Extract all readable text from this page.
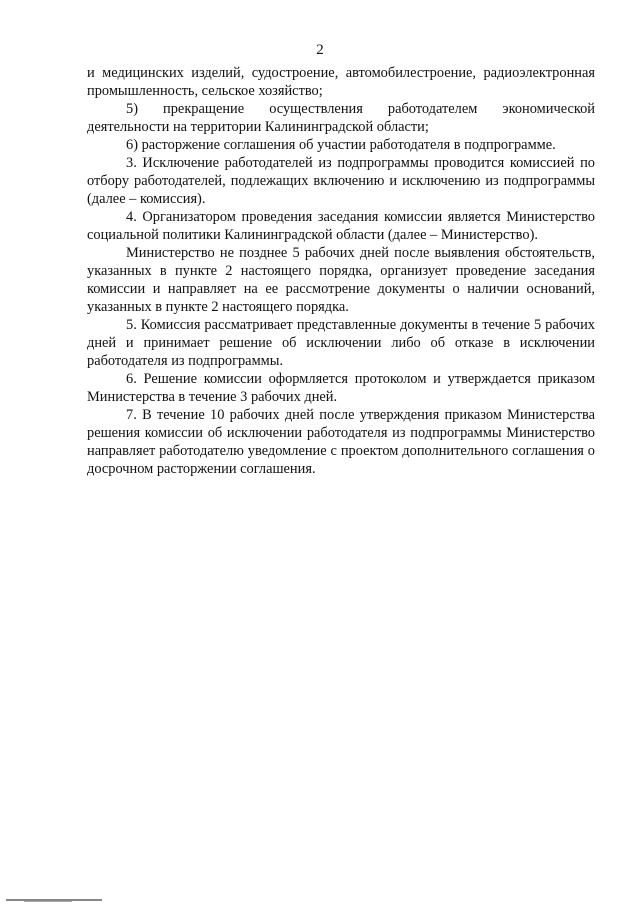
2

и медицинских изделий, судостроение, автомобилестроение, радиоэлектронная промышленность, сельское хозяйство;

5) прекращение осуществления работодателем экономической деятельности на территории Калининградской области;

6) расторжение соглашения об участии работодателя в подпрограмме.

3. Исключение работодателей из подпрограммы проводится комиссией по отбору работодателей, подлежащих включению и исключению из подпрограммы (далее – комиссия).

4. Организатором проведения заседания комиссии является Министерство социальной политики Калининградской области (далее – Министерство).

Министерство не позднее 5 рабочих дней после выявления обстоятельств, указанных в пункте 2 настоящего порядка, организует проведение заседания комиссии и направляет на ее рассмотрение документы о наличии оснований, указанных в пункте 2 настоящего порядка.

5. Комиссия рассматривает представленные документы в течение 5 рабочих дней и принимает решение об исключении либо об отказе в исключении работодателя из подпрограммы.

6. Решение комиссии оформляется протоколом и утверждается приказом Министерства в течение 3 рабочих дней.

7. В течение 10 рабочих дней после утверждения приказом Министерства решения комиссии об исключении работодателя из подпрограммы Министерство направляет работодателю уведомление с проектом дополнительного соглашения о досрочном расторжении соглашения.
